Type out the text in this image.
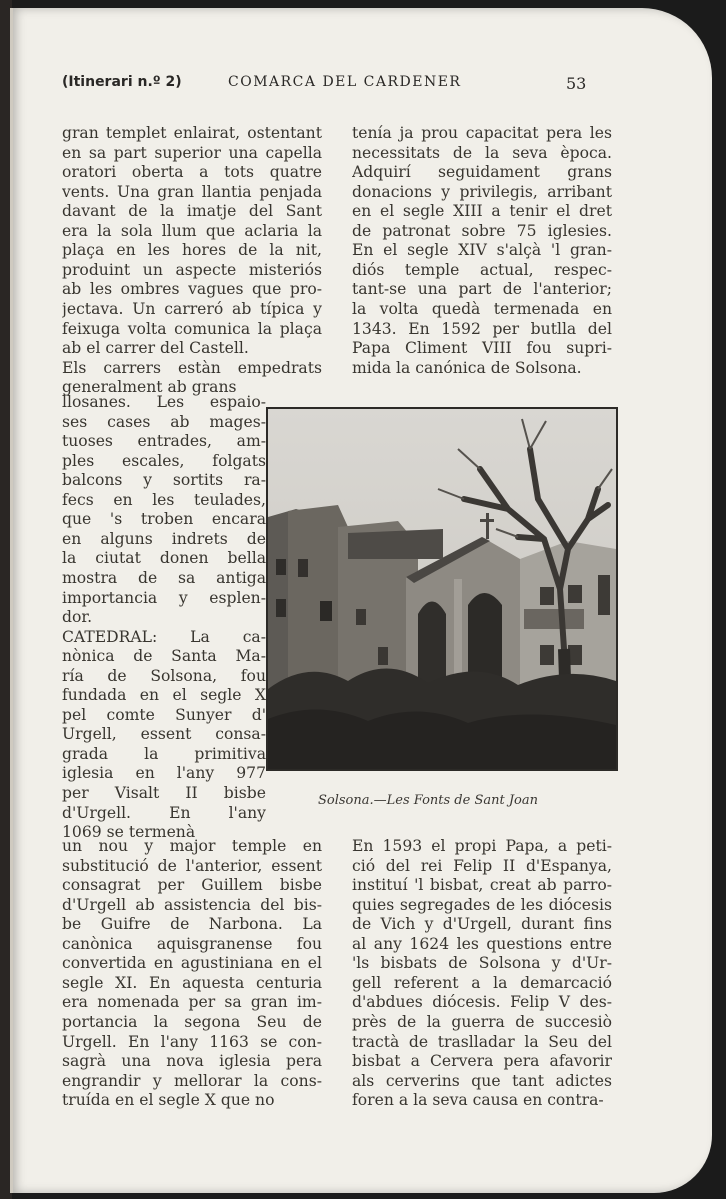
(Itinerari n.º 2)	COMARCA DEL CARDENER	53
gran templet enlairat, ostentant
en sa part superior una capella
oratori oberta a tots quatre
vents. Una gran llantia penjada
davant de la imatje del Sant
era la sola llum que aclaria la
plaça en les hores de la nit,
produint un aspecte misteriós
ab les ombres vagues que pro-
jectava. Un carreró ab típica y
feixuga volta comunica la plaça
ab el carrer del Castell.
Els carrers estàn empedrats
generalment ab grans
llosanes. Les espaio-
ses cases ab mages-
tuoses entrades, am-
ples escales, folgats
balcons y sortits ra-
fecs en les teulades,
que 's troben encara
en alguns indrets de
la ciutat donen bella
mostra de sa antiga
importancia y esplen-
dor.
CATEDRAL: La ca-
nònica de Santa Ma-
ría de Solsona, fou
fundada en el segle X
pel comte Sunyer d'
Urgell, essent consa-
grada la primitiva
iglesia en l'any 977
per Visalt II bisbe
d'Urgell. En l'any
1069 se termenà
un nou y major temple en
substitució de l'anterior, essent
consagrat per Guillem bisbe
d'Urgell ab assistencia del bis-
be Guifre de Narbona. La
canònica aquisgranense fou
convertida en agustiniana en el
segle XI. En aquesta centuria
era nomenada per sa gran im-
portancia la segona Seu de
Urgell. En l'any 1163 se con-
sagrà una nova iglesia pera
engrandir y mellorar la cons-
truída en el segle X que no
tenía ja prou capacitat pera les
necessitats de la seva època.
Adquirí seguidament grans
donacions y privilegis, arribant
en el segle XIII a tenir el dret
de patronat sobre 75 iglesies.
En el segle XIV s'alçà 'l gran-
diós temple actual, respec-
tant-se una part de l'anterior;
la volta quedà termenada en
1343. En 1592 per butlla del
Papa Climent VIII fou supri-
mida la canónica de Solsona.
En 1593 el propi Papa, a peti-
ció del rei Felip II d'Espanya,
instituí 'l bisbat, creat ab parro-
quies segregades de les diócesis
de Vich y d'Urgell, durant fins
al any 1624 les questions entre
'ls bisbats de Solsona y d'Ur-
gell referent a la demarcació
d'abdues diócesis. Felip V des-
près de la guerra de succesiò
tractà de traslladar la Seu del
bisbat a Cervera pera afavorir
als cerverins que tant adictes
foren a la seva causa en contra-
Solsona.—Les Fonts de Sant Joan
